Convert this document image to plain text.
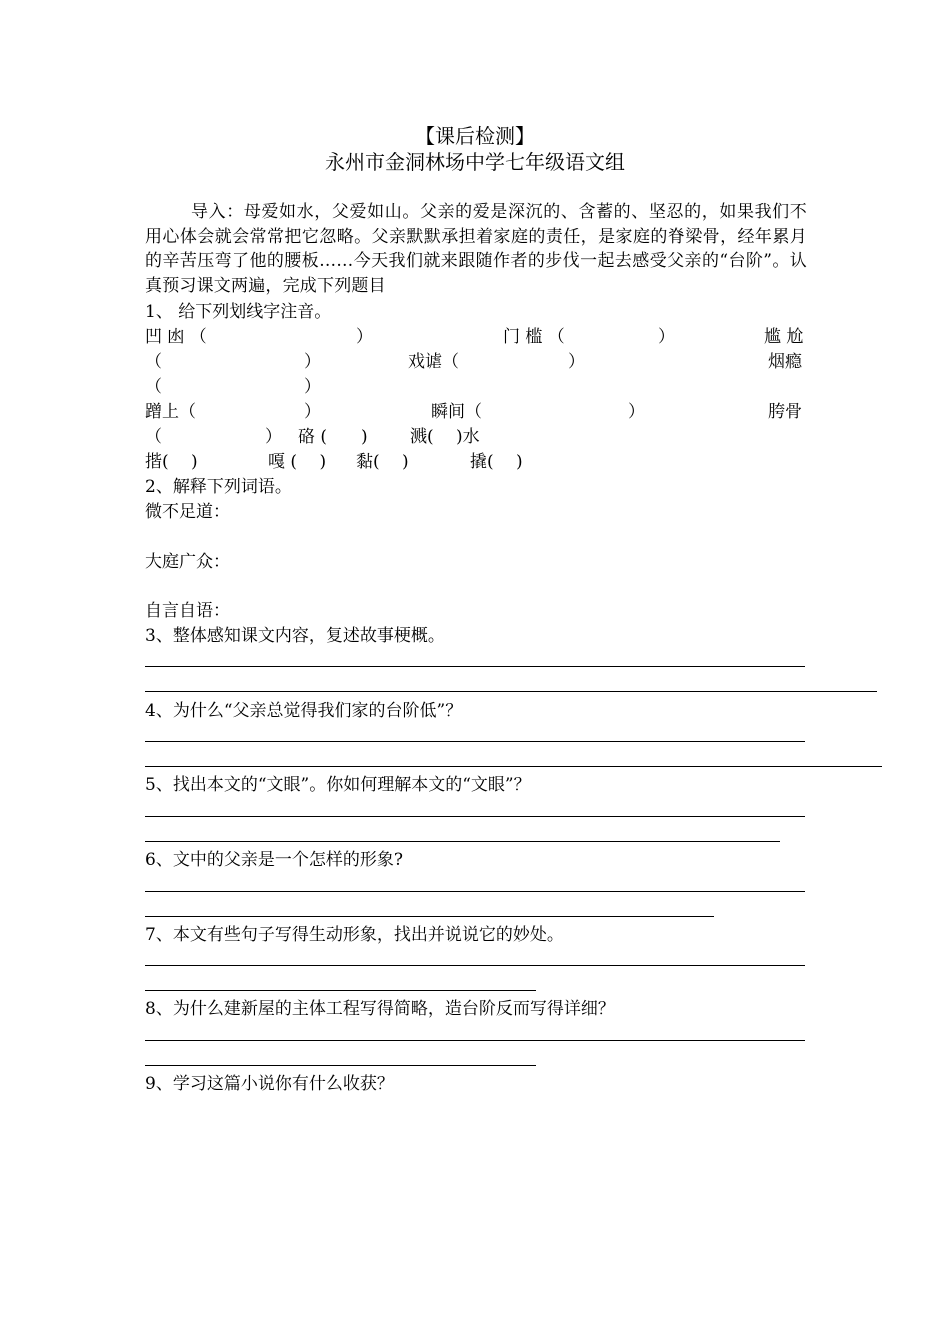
【课后检测】
永州市金洞林场中学七年级语文组
导入：母爱如水，父爱如山。父亲的爱是深沉的、含蓄的、坚忍的，如果我们不用心体会就会常常把它忽略。父亲默默承担着家庭的责任，是家庭的脊梁骨，经年累月的辛苦压弯了他的腰板……今天我们就来跟随作者的步伐一起去感受父亲的“台阶”。认真预习课文两遍，完成下列题目
1、 给下列划线字注音。
凹 凼 （	）	门 槛 （	）	尴 尬
（	）	戏谑（	）	烟瘾
（	）
蹭上（	）	瞬间（	）	胯骨
（	） 硌 (　　) 溅(　 )水
揩(　 )	嘎 (　 ) 黏(　 )	撬(　 )
2、解释下列词语。
微不足道：
大庭广众：
自言自语：
3、整体感知课文内容，复述故事梗概。
4、为什么“父亲总觉得我们家的台阶低”？
5、找出本文的“文眼”。你如何理解本文的“文眼”？
6、文中的父亲是一个怎样的形象?
7、本文有些句子写得生动形象，找出并说说它的妙处。
8、为什么建新屋的主体工程写得简略，造台阶反而写得详细？
9、学习这篇小说你有什么收获？
